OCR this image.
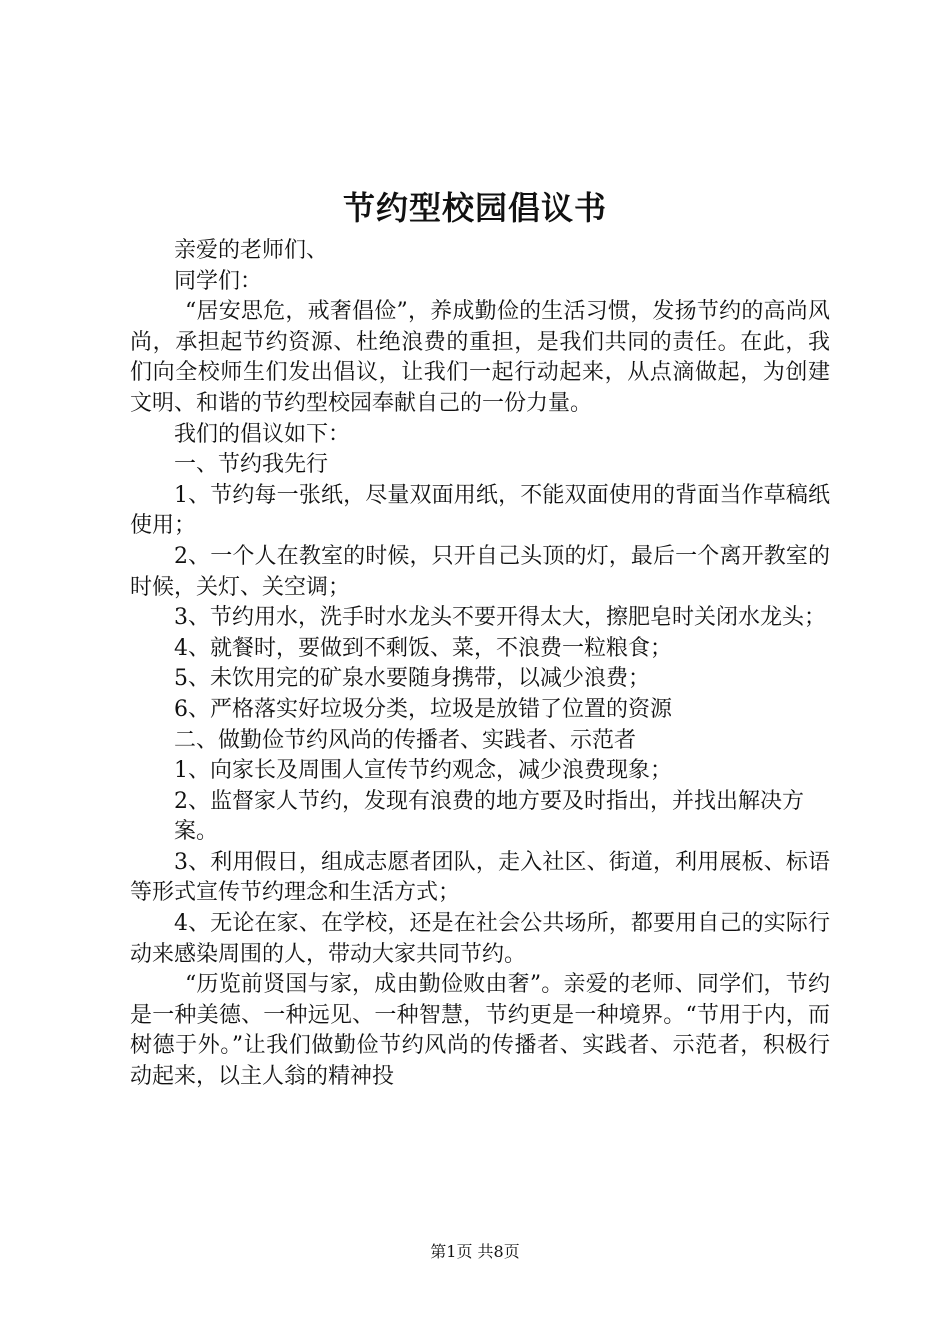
节约型校园倡议书

亲爱的老师们、

同学们：

“居安思危，戒奢倡俭”，养成勤俭的生活习惯，发扬节约的高尚风尚，承担起节约资源、杜绝浪费的重担，是我们共同的责任。在此，我们向全校师生们发出倡议，让我们一起行动起来，从点滴做起，为创建文明、和谐的节约型校园奉献自己的一份力量。

我们的倡议如下：

一、节约我先行

1、节约每一张纸，尽量双面用纸，不能双面使用的背面当作草稿纸使用；

2、一个人在教室的时候，只开自己头顶的灯，最后一个离开教室的时候，关灯、关空调；

3、节约用水，洗手时水龙头不要开得太大，擦肥皂时关闭水龙头；

4、就餐时，要做到不剩饭、菜，不浪费一粒粮食；

5、未饮用完的矿泉水要随身携带，以减少浪费；

6、严格落实好垃圾分类，垃圾是放错了位置的资源

二、做勤俭节约风尚的传播者、实践者、示范者

1、向家长及周围人宣传节约观念，减少浪费现象；

2、监督家人节约，发现有浪费的地方要及时指出，并找出解决方

案。

3、利用假日，组成志愿者团队，走入社区、街道，利用展板、标语等形式宣传节约理念和生活方式；

4、无论在家、在学校，还是在社会公共场所，都要用自己的实际行动来感染周围的人，带动大家共同节约。

“历览前贤国与家，成由勤俭败由奢”。亲爱的老师、同学们，节约是一种美德、一种远见、一种智慧，节约更是一种境界。“节用于内，而树德于外。”让我们做勤俭节约风尚的传播者、实践者、示范者，积极行动起来，以主人翁的精神投

第1页 共8页
